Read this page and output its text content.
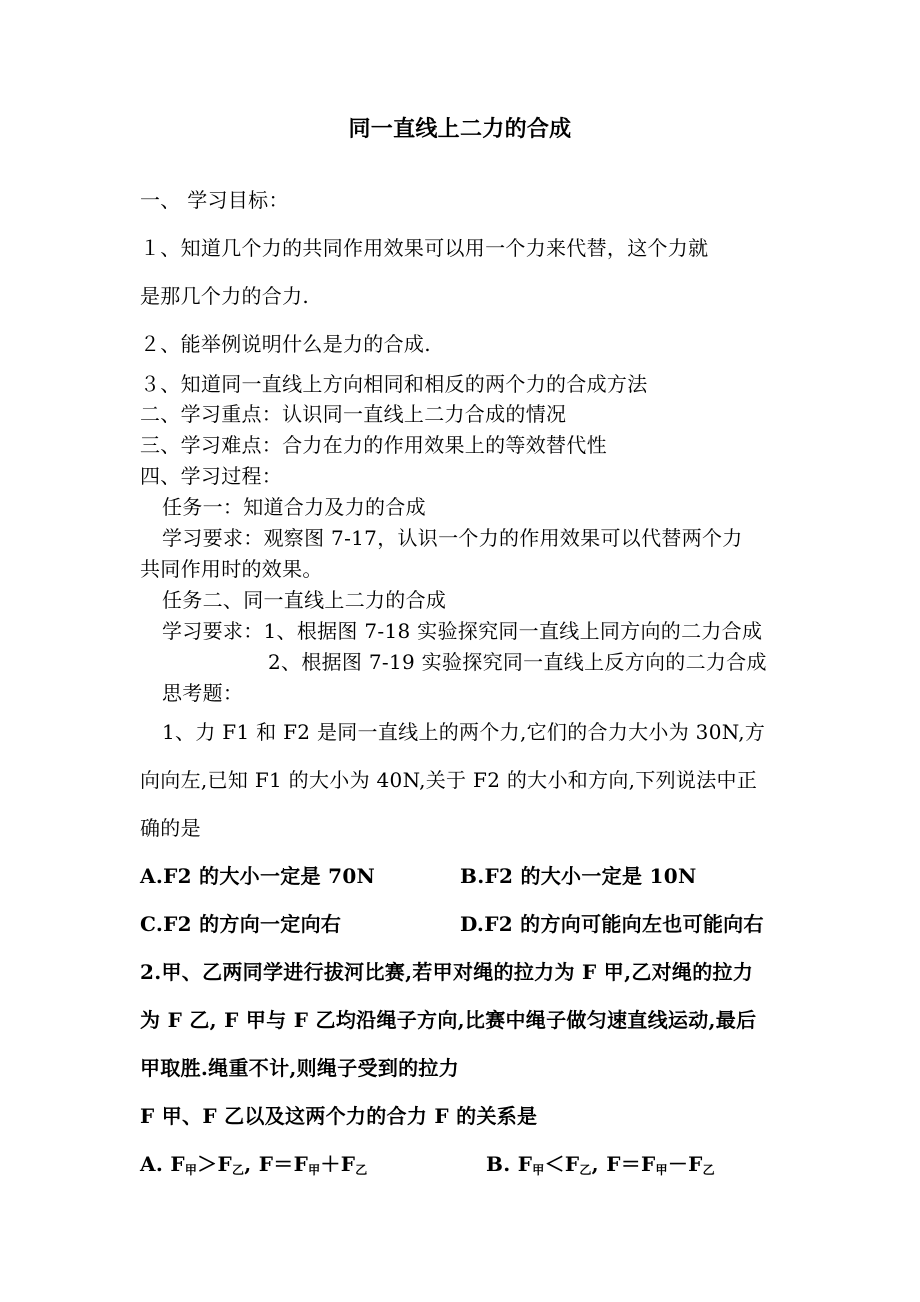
同一直线上二力的合成
一、 学习目标：
１、知道几个力的共同作用效果可以用一个力来代替，这个力就
是那几个力的合力.
２、能举例说明什么是力的合成.
３、知道同一直线上方向相同和相反的两个力的合成方法
二、学习重点：认识同一直线上二力合成的情况
三、学习难点：合力在力的作用效果上的等效替代性
四、学习过程：
任务一：知道合力及力的合成
学习要求：观察图 7-17，认识一个力的作用效果可以代替两个力
共同作用时的效果。
任务二、同一直线上二力的合成
学习要求：1、根据图 7-18 实验探究同一直线上同方向的二力合成
2、根据图 7-19 实验探究同一直线上反方向的二力合成
思考题：
1、力 F1 和 F2 是同一直线上的两个力,它们的合力大小为 30N,方
向向左,已知 F1 的大小为 40N,关于 F2 的大小和方向,下列说法中正
确的是
A.F2 的大小一定是 70N	B.F2 的大小一定是 10N
C.F2 的方向一定向右	D.F2 的方向可能向左也可能向右
2.甲、乙两同学进行拔河比赛,若甲对绳的拉力为 F 甲,乙对绳的拉力
为 F 乙, F 甲与 F 乙均沿绳子方向,比赛中绳子做匀速直线运动,最后
甲取胜.绳重不计,则绳子受到的拉力
F 甲、F 乙以及这两个力的合力 F 的关系是
A. F甲＞F乙, F＝F甲＋F乙	B. F甲＜F乙, F＝F甲－F乙
